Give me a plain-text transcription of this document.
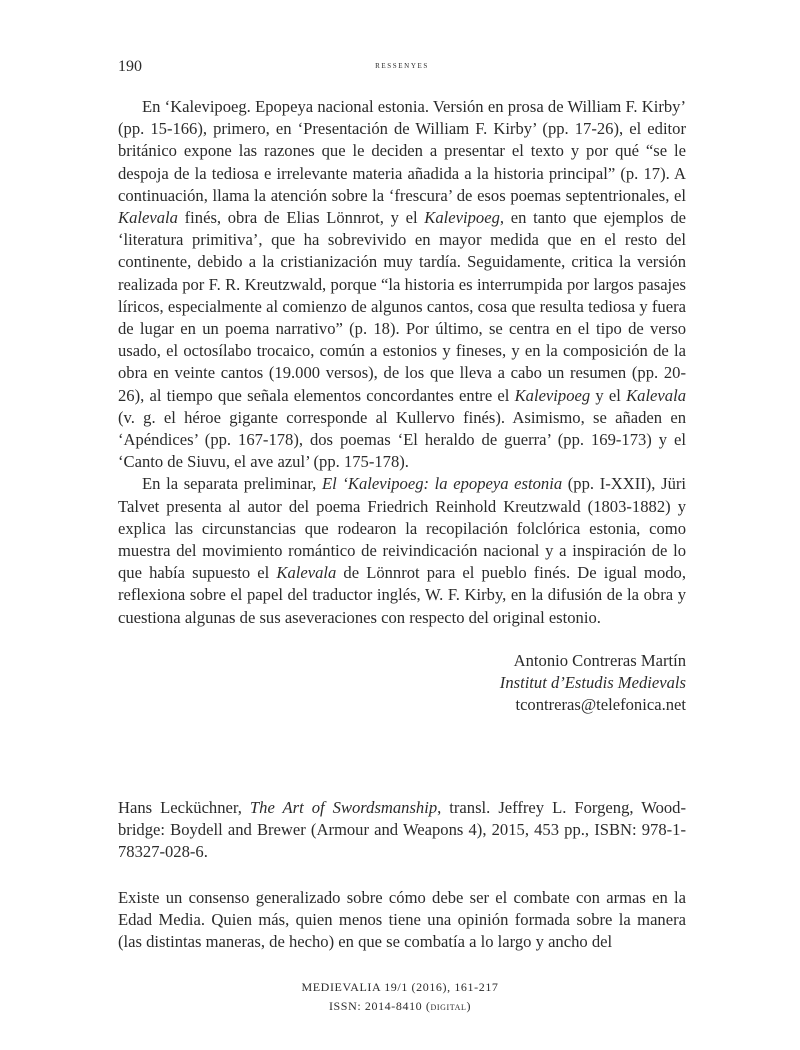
190	ressenyes

En ‘Kalevipoeg. Epopeya nacional estonia. Versión en prosa de William F. Kirby’ (pp. 15-166), primero, en ‘Presentación de William F. Kirby’ (pp. 17-26), el editor británico expone las razones que le deciden a presentar el texto y por qué “se le despoja de la tediosa e irrelevante materia añadida a la historia principal” (p. 17). A continuación, llama la atención sobre la ‘frescura’ de esos poemas septentrionales, el Kalevala finés, obra de Elias Lönnrot, y el Kalevipoeg, en tanto que ejemplos de ‘literatura primitiva’, que ha sobrevivido en mayor medida que en el resto del continente, debido a la cristianización muy tardía. Seguidamente, critica la versión realizada por F. R. Kreutzwald, porque “la historia es interrumpida por largos pasajes líricos, especialmente al comienzo de algunos cantos, cosa que resulta tediosa y fuera de lugar en un poema narrativo” (p. 18). Por último, se centra en el tipo de verso usado, el octosílabo trocaico, común a estonios y fineses, y en la composición de la obra en veinte cantos (19.000 versos), de los que lleva a cabo un resumen (pp. 20-26), al tiempo que señala elementos concordantes entre el Kalevipoeg y el Kalevala (v. g. el héroe gigante corresponde al Kullervo finés). Asimismo, se añaden en ‘Apéndices’ (pp. 167-178), dos poemas ‘El heraldo de guerra’ (pp. 169-173) y el ‘Canto de Siuvu, el ave azul’ (pp. 175-178).

En la separata preliminar, El ‘Kalevipoeg: la epopeya estonia (pp. I-XXII), Jüri Talvet presenta al autor del poema Friedrich Reinhold Kreutzwald (1803-1882) y explica las circunstancias que rodearon la recopilación folclórica estonia, como muestra del movimiento romántico de reivindicación nacional y a inspiración de lo que había supuesto el Kalevala de Lönnrot para el pueblo finés. De igual modo, reflexiona sobre el papel del traductor inglés, W. F. Kirby, en la difusión de la obra y cuestiona algunas de sus aseveraciones con respecto del original estonio.

Antonio Contreras Martín
Institut d’Estudis Medievals
tcontreras@telefonica.net

Hans Lecküchner, The Art of Swordsmanship, transl. Jeffrey L. Forgeng, Woodbridge: Boydell and Brewer (Armour and Weapons 4), 2015, 453 pp., ISBN: 978-1-78327-028-6.

Existe un consenso generalizado sobre cómo debe ser el combate con armas en la Edad Media. Quien más, quien menos tiene una opinión formada sobre la manera (las distintas maneras, de hecho) en que se combatía a lo largo y ancho del

MEDIEVALIA 19/1 (2016), 161-217
ISSN: 2014-8410 (digital)
